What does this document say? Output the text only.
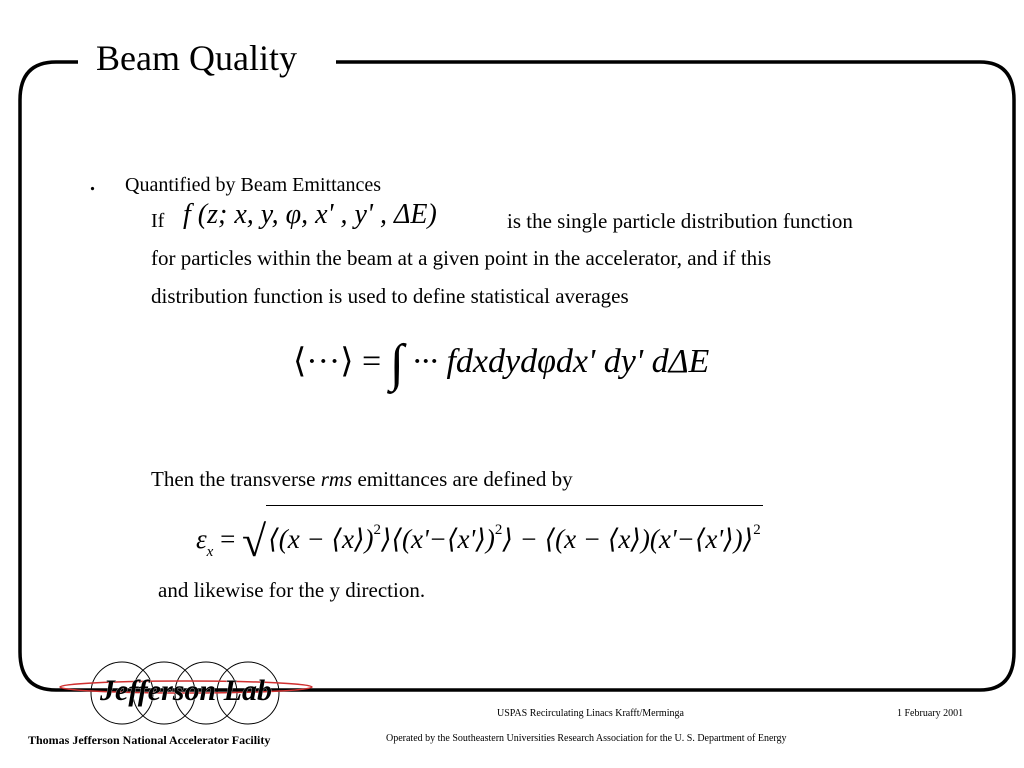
Beam Quality
. Quantified by Beam Emittances
If f (z; x, y, φ, x' , y' , ΔE)	is the single particle distribution function
for particles within the beam at a given point in the accelerator, and if this
distribution function is used to define statistical averages
⟨···⟩ = ∫ ··· fdxdydφdx' dy' dΔE
Then the transverse rms emittances are defined by
$\varepsilon_x$ = √⟨(x − ⟨x⟩)$^2$⟩⟨(x'−⟨x'⟩)$^2$⟩ − ⟨(x − ⟨x⟩)(x'−⟨x'⟩)⟩$^2$
and likewise for the y direction.
Jefferson Lab
Thomas Jefferson National Accelerator Facility
USPAS Recirculating Linacs Krafft/Merminga	1 February 2001
Operated by the Southeastern Universities Research Association for the U. S. Department of Energy
